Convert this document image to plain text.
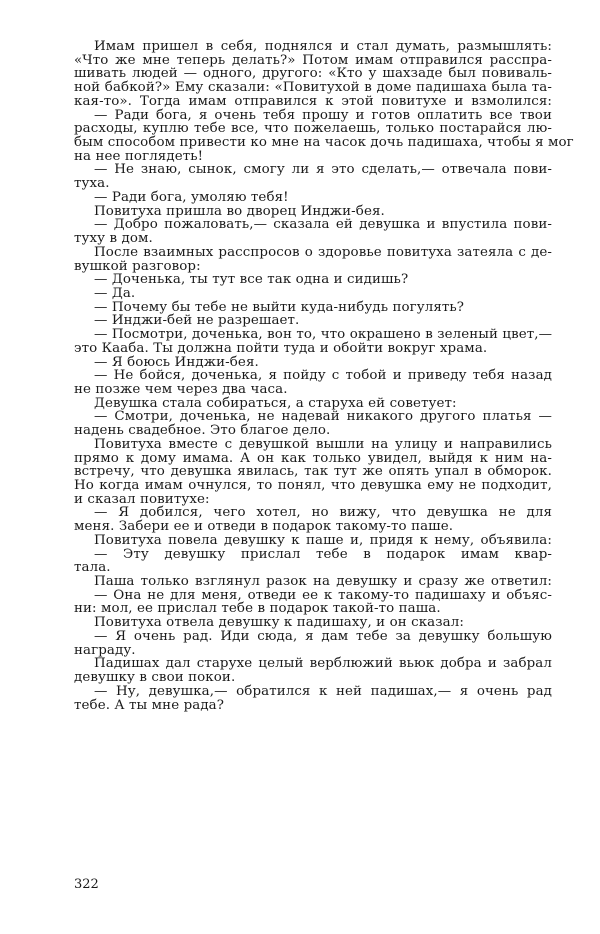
Имам пришел в себя, поднялся и стал думать, размышлять:
«Что же мне теперь делать?» Потом имам отправился расспра-
шивать людей — одного, другого: «Кто у шахзаде был повиваль-
ной бабкой?» Ему сказали: «Повитухой в доме падишаха была та-
кая-то». Тогда имам отправился к этой повитухе и взмолился:
— Ради бога, я очень тебя прошу и готов оплатить все твои
расходы, куплю тебе все, что пожелаешь, только постарайся лю-
бым способом привести ко мне на часок дочь падишаха, чтобы я мог
на нее поглядеть!
— Не знаю, сынок, смогу ли я это сделать,— отвечала пови-
туха.
— Ради бога, умоляю тебя!
Повитуха пришла во дворец Инджи-бея.
— Добро пожаловать,— сказала ей девушка и впустила пови-
туху в дом.
После взаимных расспросов о здоровье повитуха затеяла с де-
вушкой разговор:
— Доченька, ты тут все так одна и сидишь?
— Да.
— Почему бы тебе не выйти куда-нибудь погулять?
— Инджи-бей не разрешает.
— Посмотри, доченька, вон то, что окрашено в зеленый цвет,—
это Кааба. Ты должна пойти туда и обойти вокруг храма.
— Я боюсь Инджи-бея.
— Не бойся, доченька, я пойду с тобой и приведу тебя назад
не позже чем через два часа.
Девушка стала собираться, а старуха ей советует:
— Смотри, доченька, не надевай никакого другого платья —
надень свадебное. Это благое дело.
Повитуха вместе с девушкой вышли на улицу и направились
прямо к дому имама. А он как только увидел, выйдя к ним на-
встречу, что девушка явилась, так тут же опять упал в обморок.
Но когда имам очнулся, то понял, что девушка ему не подходит,
и сказал повитухе:
— Я добился, чего хотел, но вижу, что девушка не для
меня. Забери ее и отведи в подарок такому-то паше.
Повитуха повела девушку к паше и, придя к нему, объявила:
— Эту девушку прислал тебе в подарок имам квар-
тала.
Паша только взглянул разок на девушку и сразу же ответил:
— Она не для меня, отведи ее к такому-то падишаху и объяс-
ни: мол, ее прислал тебе в подарок такой-то паша.
Повитуха отвела девушку к падишаху, и он сказал:
— Я очень рад. Иди сюда, я дам тебе за девушку большую
награду.
Падишах дал старухе целый верблюжий вьюк добра и забрал
девушку в свои покои.
— Ну, девушка,— обратился к ней падишах,— я очень рад
тебе. А ты мне рада?
322
